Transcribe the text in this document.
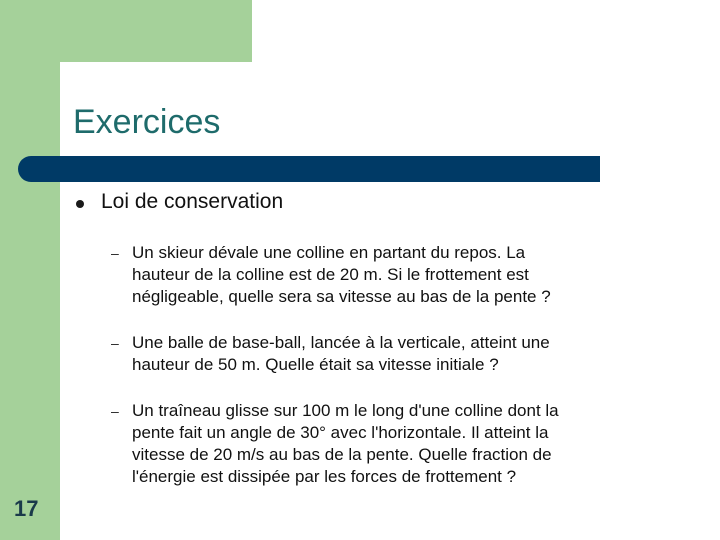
Exercices
Loi de conservation
– Un skieur dévale une colline en partant du repos. La
hauteur de la colline est de 20 m. Si le frottement est
négligeable, quelle sera sa vitesse au bas de la pente ?
– Une balle de base-ball, lancée à la verticale, atteint une
hauteur de 50 m. Quelle était sa vitesse initiale ?
– Un traîneau glisse sur 100 m le long d'une colline dont la
pente fait un angle de 30° avec l'horizontale. Il atteint la
vitesse de 20 m/s au bas de la pente. Quelle fraction de
l'énergie est dissipée par les forces de frottement ?
17
